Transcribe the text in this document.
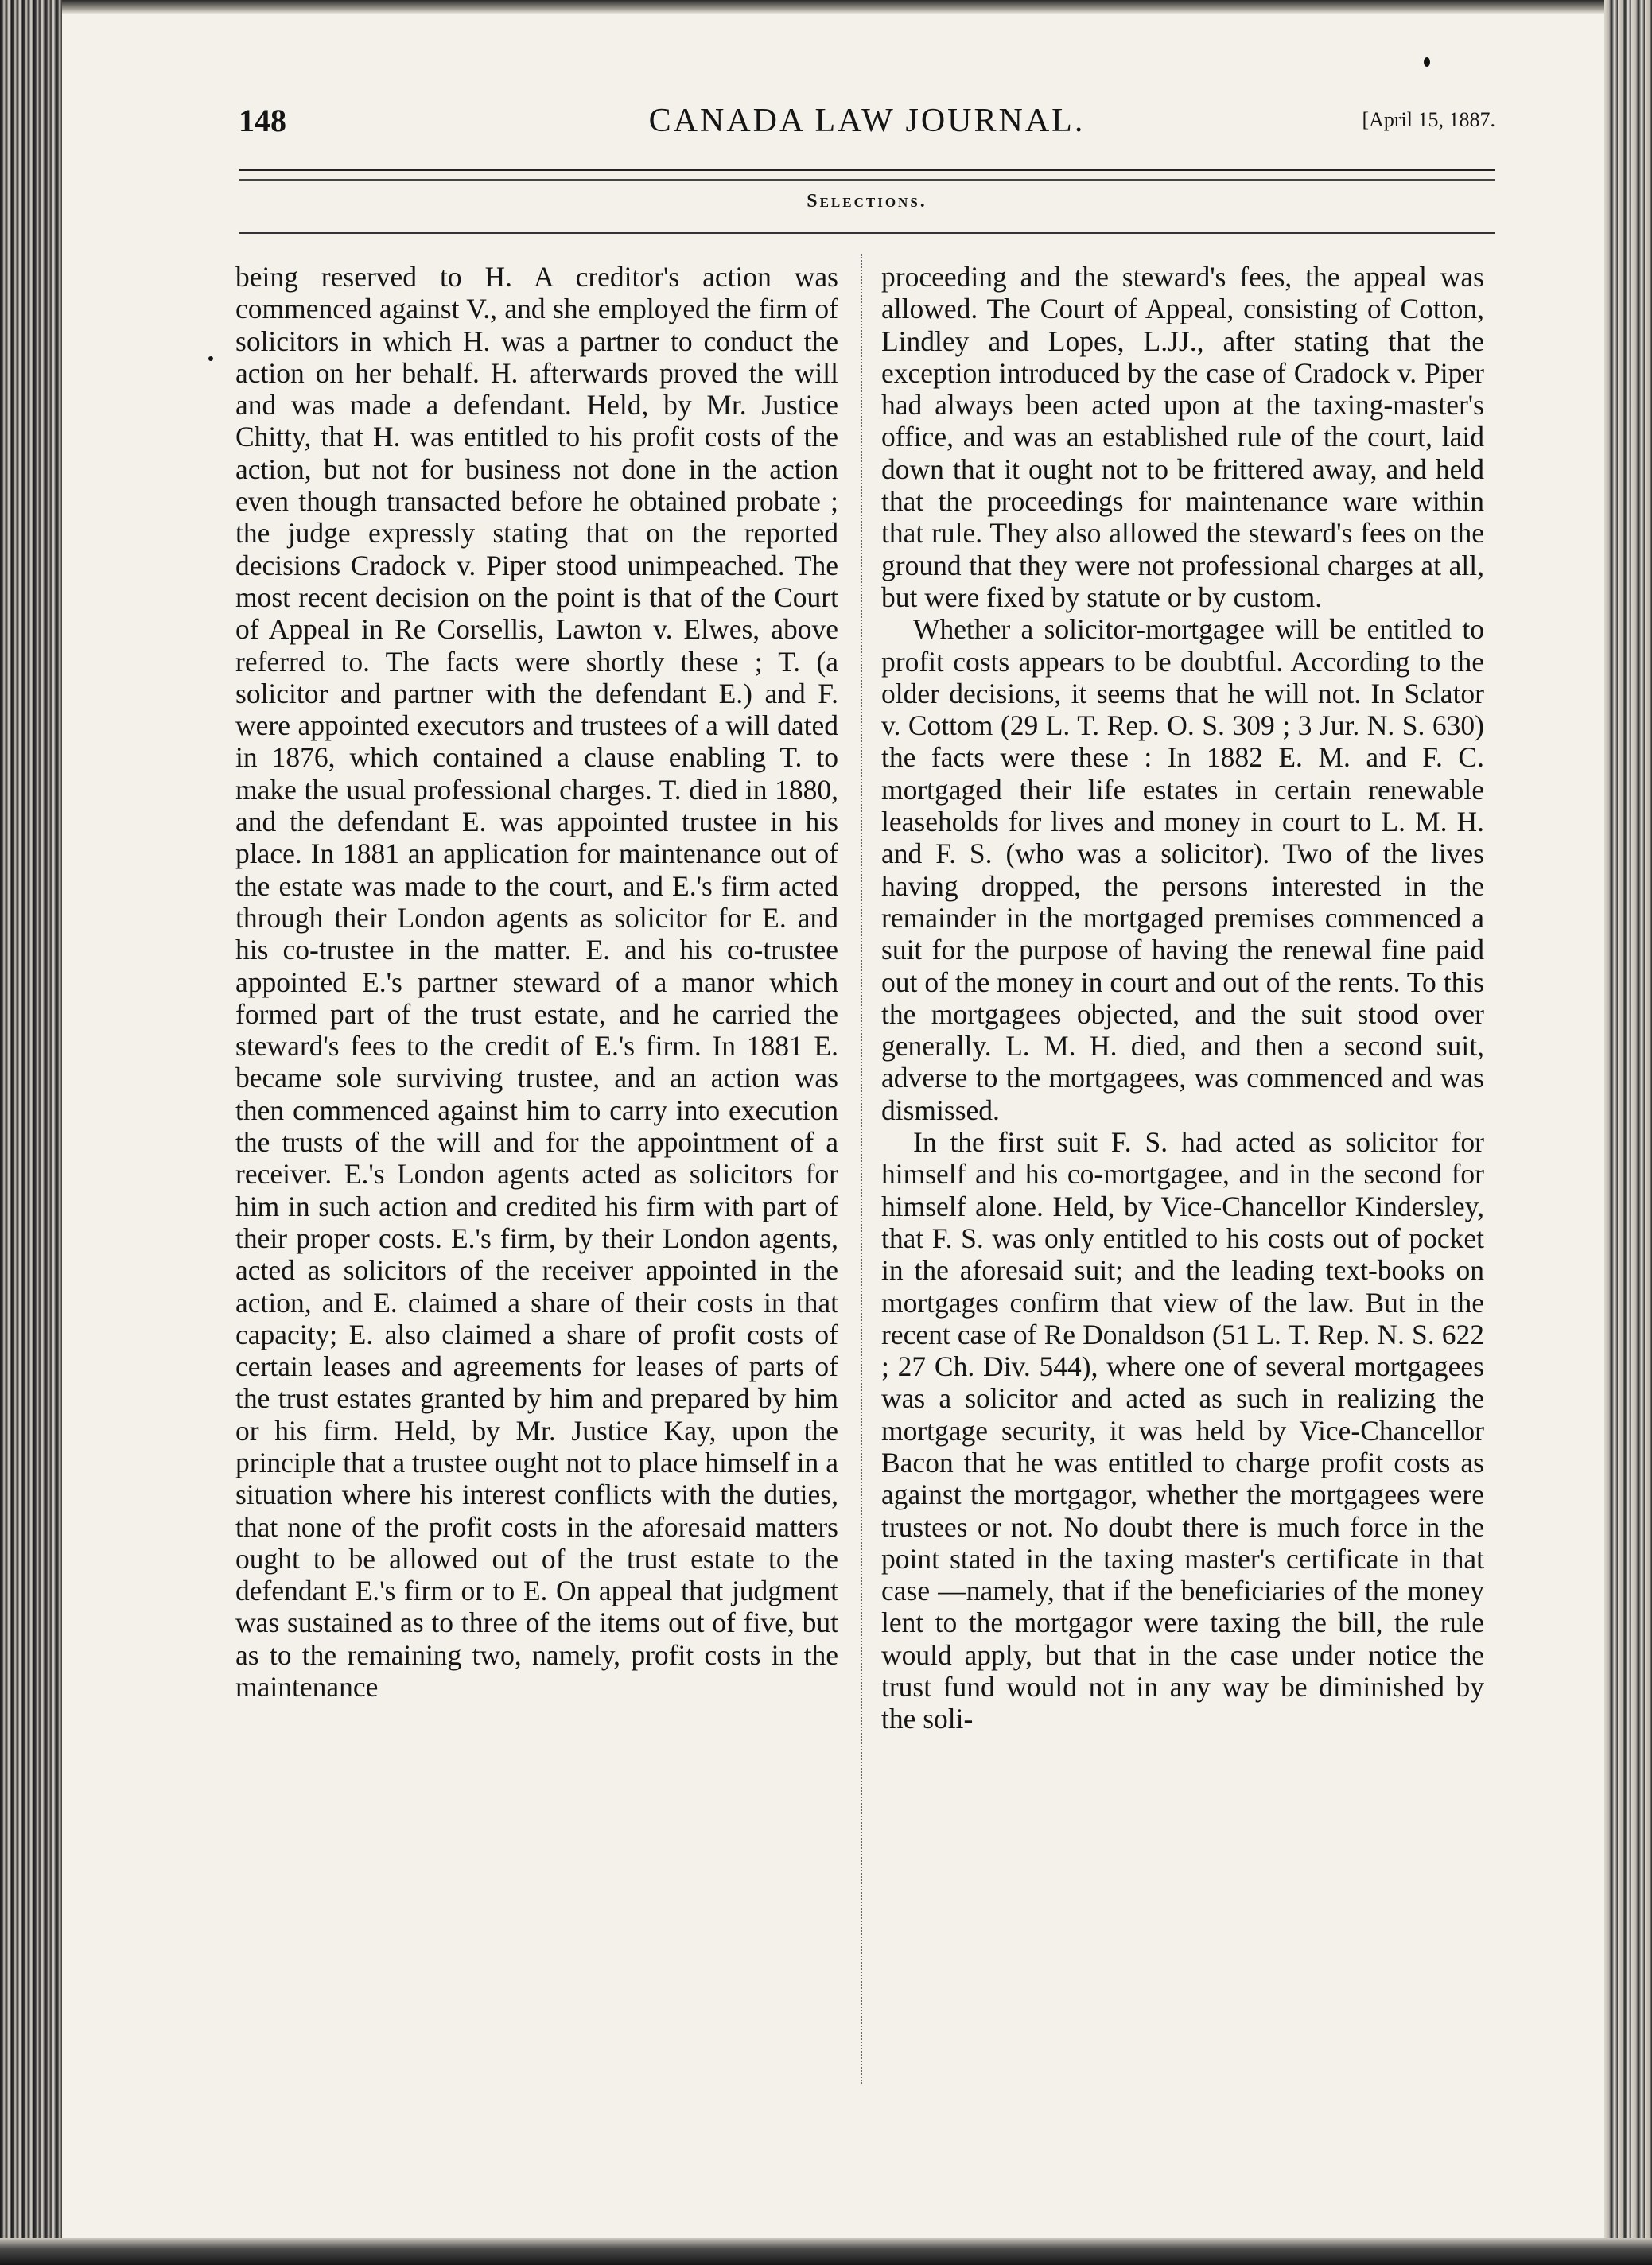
148	CANADA LAW JOURNAL.	[April 15, 1887.
Selections.

being reserved to H. A creditor's action was commenced against V., and she employed the firm of solicitors in which H. was a partner to conduct the action on her behalf. H. afterwards proved the will and was made a defendant. Held, by Mr. Justice Chitty, that H. was entitled to his profit costs of the action, but not for business not done in the action even though transacted before he obtained probate ; the judge expressly stating that on the reported decisions Cradock v. Piper stood unimpeached. The most recent decision on the point is that of the Court of Appeal in Re Corsellis, Lawton v. Elwes, above referred to. The facts were shortly these ; T. (a solicitor and partner with the defendant E.) and F. were appointed executors and trustees of a will dated in 1876, which contained a clause enabling T. to make the usual professional charges. T. died in 1880, and the defendant E. was appointed trustee in his place. In 1881 an application for maintenance out of the estate was made to the court, and E.'s firm acted through their London agents as solicitor for E. and his co-trustee in the matter. E. and his co-trustee appointed E.'s partner steward of a manor which formed part of the trust estate, and he carried the steward's fees to the credit of E.'s firm. In 1881 E. became sole surviving trustee, and an action was then commenced against him to carry into execution the trusts of the will and for the appointment of a receiver. E.'s London agents acted as solicitors for him in such action and credited his firm with part of their proper costs. E.'s firm, by their London agents, acted as solicitors of the receiver appointed in the action, and E. claimed a share of their costs in that capacity; E. also claimed a share of profit costs of certain leases and agreements for leases of parts of the trust estates granted by him and prepared by him or his firm. Held, by Mr. Justice Kay, upon the principle that a trustee ought not to place himself in a situation where his interest conflicts with the duties, that none of the profit costs in the aforesaid matters ought to be allowed out of the trust estate to the defendant E.'s firm or to E. On appeal that judgment was sustained as to three of the items out of five, but as to the remaining two, namely, profit costs in the maintenance

proceeding and the steward's fees, the appeal was allowed. The Court of Appeal, consisting of Cotton, Lindley and Lopes, L.JJ., after stating that the exception introduced by the case of Cradock v. Piper had always been acted upon at the taxing-master's office, and was an established rule of the court, laid down that it ought not to be frittered away, and held that the proceedings for maintenance ware within that rule. They also allowed the steward's fees on the ground that they were not professional charges at all, but were fixed by statute or by custom.

Whether a solicitor-mortgagee will be entitled to profit costs appears to be doubtful. According to the older decisions, it seems that he will not. In Sclator v. Cottom (29 L. T. Rep. O. S. 309 ; 3 Jur. N. S. 630) the facts were these : In 1882 E. M. and F. C. mortgaged their life estates in certain renewable leaseholds for lives and money in court to L. M. H. and F. S. (who was a solicitor). Two of the lives having dropped, the persons interested in the remainder in the mortgaged premises commenced a suit for the purpose of having the renewal fine paid out of the money in court and out of the rents. To this the mortgagees objected, and the suit stood over generally. L. M. H. died, and then a second suit, adverse to the mortgagees, was commenced and was dismissed.

In the first suit F. S. had acted as solicitor for himself and his co-mortgagee, and in the second for himself alone. Held, by Vice-Chancellor Kindersley, that F. S. was only entitled to his costs out of pocket in the aforesaid suit; and the leading text-books on mortgages confirm that view of the law. But in the recent case of Re Donaldson (51 L. T. Rep. N. S. 622 ; 27 Ch. Div. 544), where one of several mortgagees was a solicitor and acted as such in realizing the mortgage security, it was held by Vice-Chancellor Bacon that he was entitled to charge profit costs as against the mortgagor, whether the mortgagees were trustees or not. No doubt there is much force in the point stated in the taxing master's certificate in that case —namely, that if the beneficiaries of the money lent to the mortgagor were taxing the bill, the rule would apply, but that in the case under notice the trust fund would not in any way be diminished by the soli-
